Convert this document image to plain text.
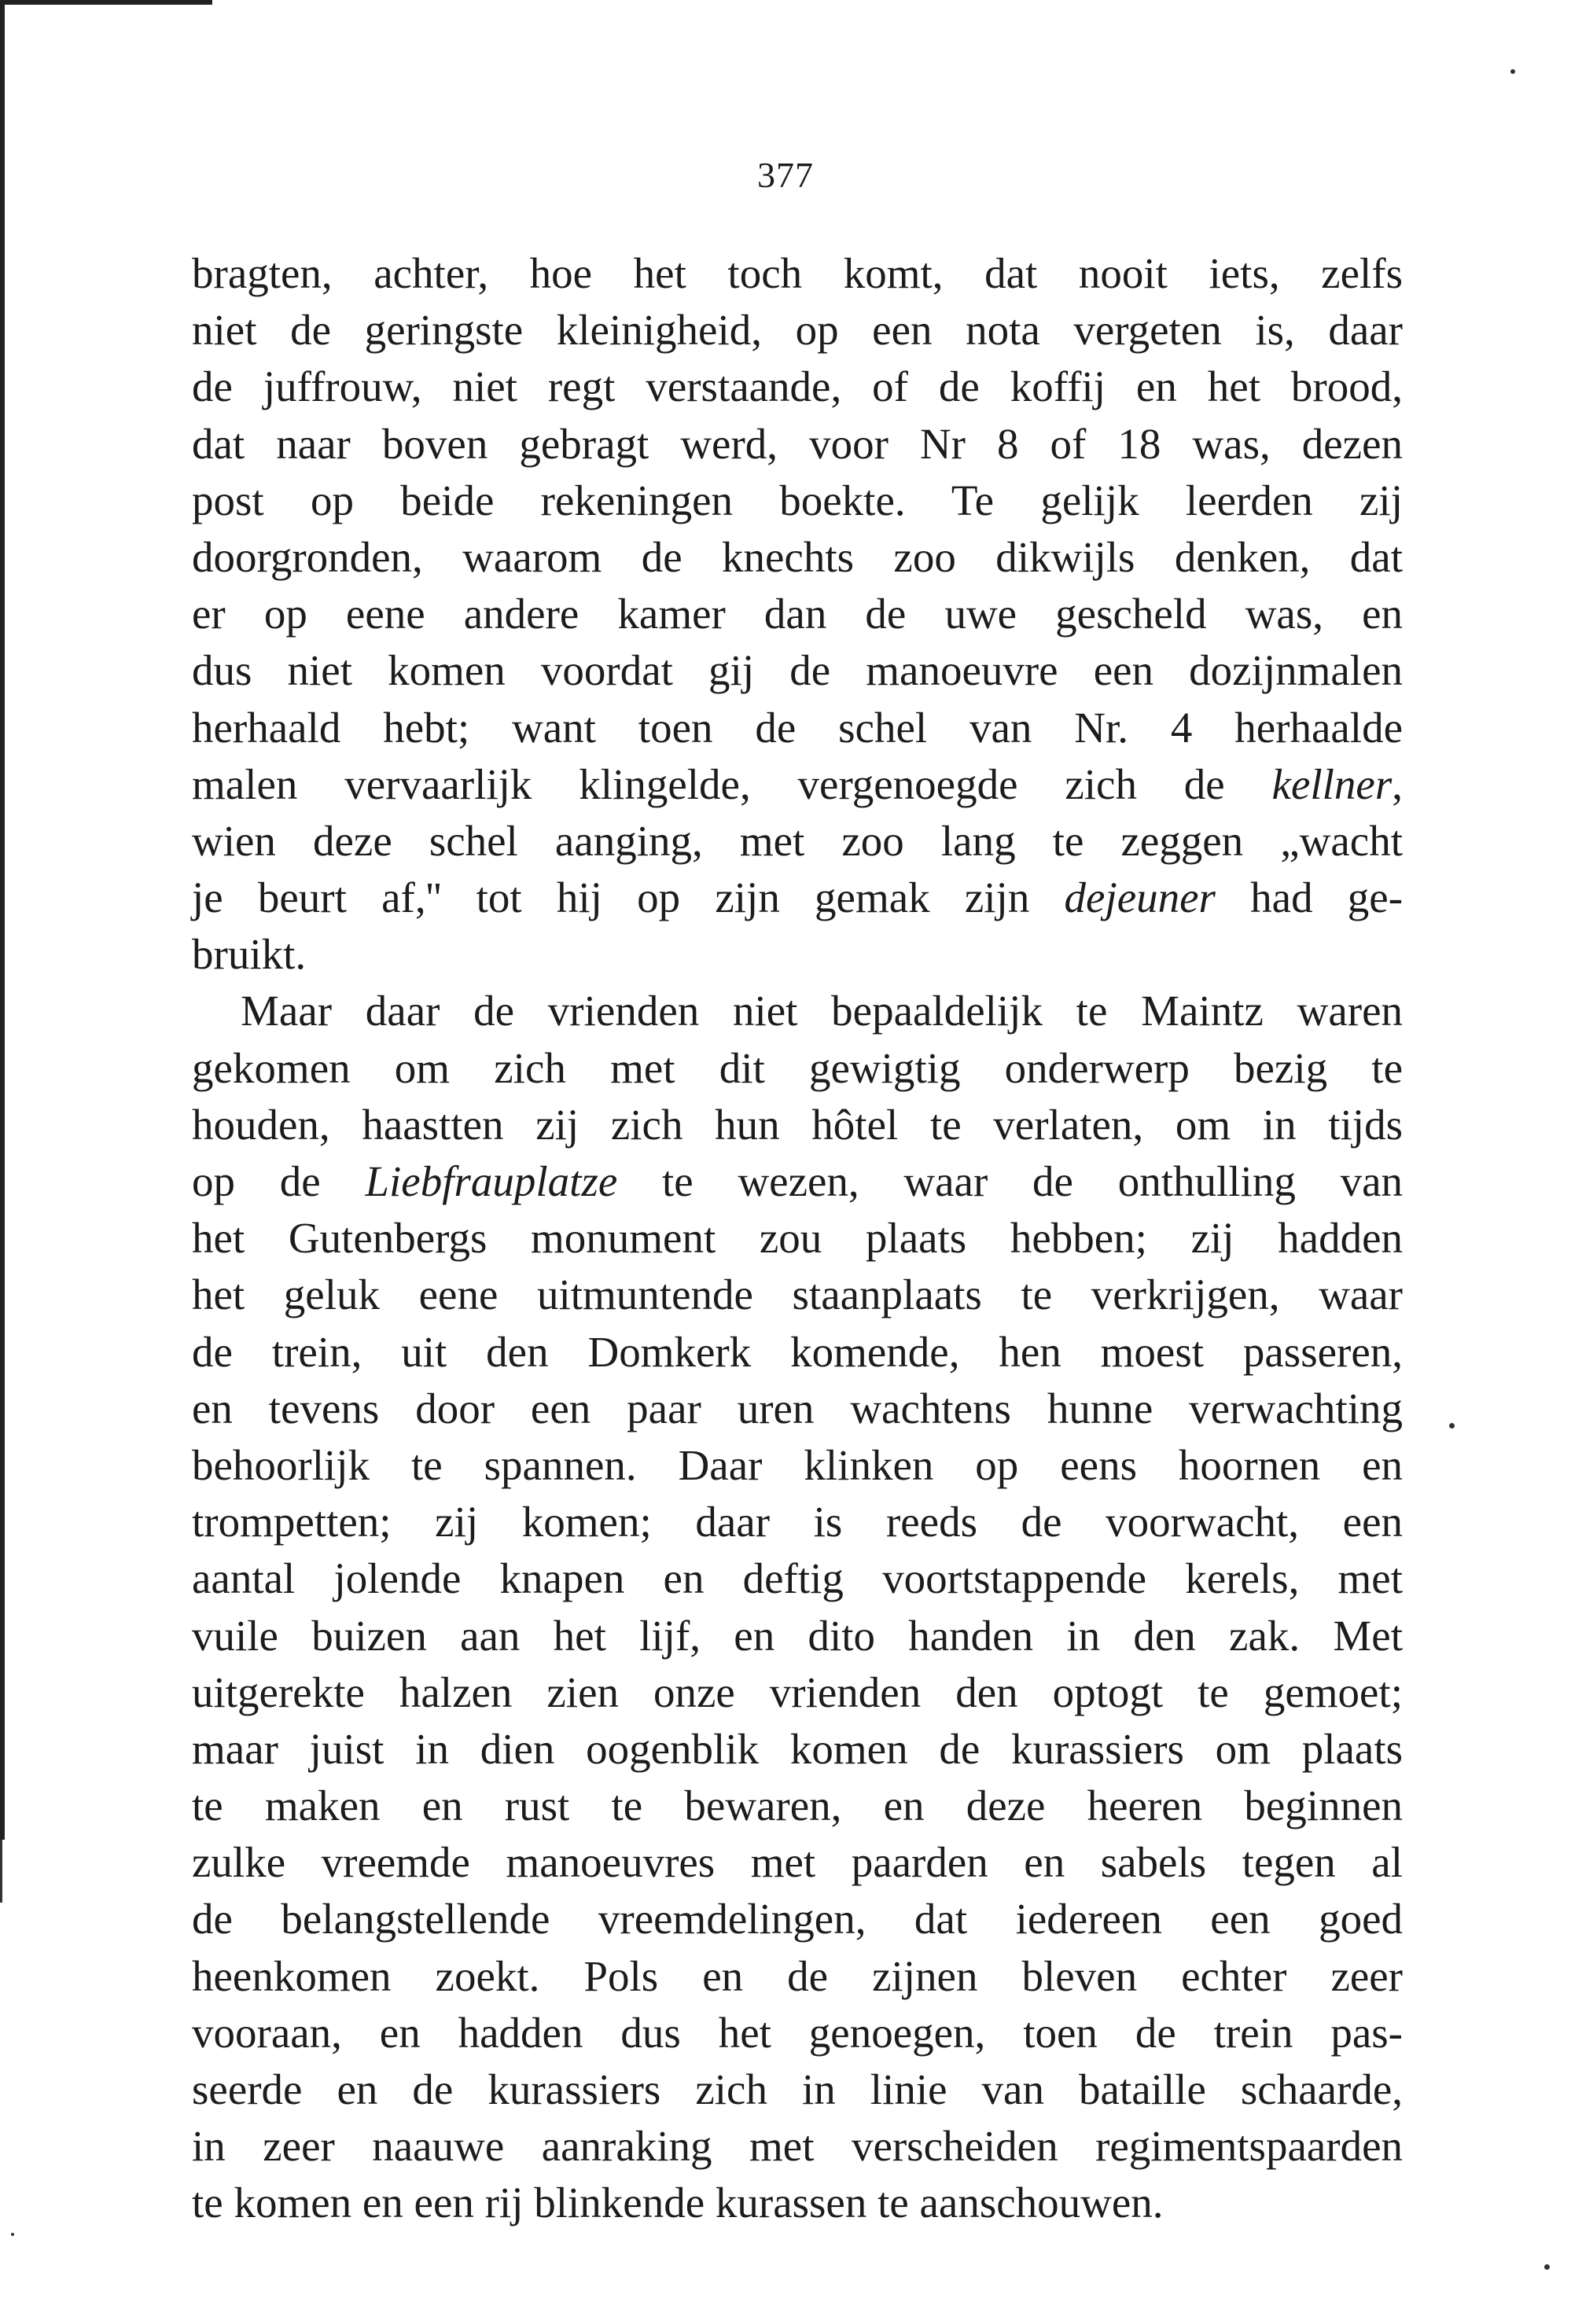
377
bragten, achter, hoe het toch komt, dat nooit iets, zelfs
niet de geringste kleinigheid, op een nota vergeten is, daar
de juffrouw, niet regt verstaande, of de koffij en het brood,
dat naar boven gebragt werd, voor Nr 8 of 18 was, dezen
post op beide rekeningen boekte. Te gelijk leerden zij
doorgronden, waarom de knechts zoo dikwijls denken, dat
er op eene andere kamer dan de uwe gescheld was, en
dus niet komen voordat gij de manoeuvre een dozijnmalen
herhaald hebt; want toen de schel van Nr. 4 herhaalde
malen vervaarlijk klingelde, vergenoegde zich de kellner,
wien deze schel aanging, met zoo lang te zeggen „wacht
je beurt af,'' tot hij op zijn gemak zijn dejeuner had ge-
bruikt.
Maar daar de vrienden niet bepaaldelijk te Maintz waren
gekomen om zich met dit gewigtig onderwerp bezig te
houden, haastten zij zich hun hôtel te verlaten, om in tijds
op de Liebfrauplatze te wezen, waar de onthulling van
het Gutenbergs monument zou plaats hebben; zij hadden
het geluk eene uitmuntende staanplaats te verkrijgen, waar
de trein, uit den Domkerk komende, hen moest passeren,
en tevens door een paar uren wachtens hunne verwachting
behoorlijk te spannen. Daar klinken op eens hoornen en
trompetten; zij komen; daar is reeds de voorwacht, een
aantal jolende knapen en deftig voortstappende kerels, met
vuile buizen aan het lijf, en dito handen in den zak. Met
uitgerekte halzen zien onze vrienden den optogt te gemoet;
maar juist in dien oogenblik komen de kurassiers om plaats
te maken en rust te bewaren, en deze heeren beginnen
zulke vreemde manoeuvres met paarden en sabels tegen al
de belangstellende vreemdelingen, dat iedereen een goed
heenkomen zoekt. Pols en de zijnen bleven echter zeer
vooraan, en hadden dus het genoegen, toen de trein pas-
seerde en de kurassiers zich in linie van bataille schaarde,
in zeer naauwe aanraking met verscheiden regimentspaarden
te komen en een rij blinkende kurassen te aanschouwen.
